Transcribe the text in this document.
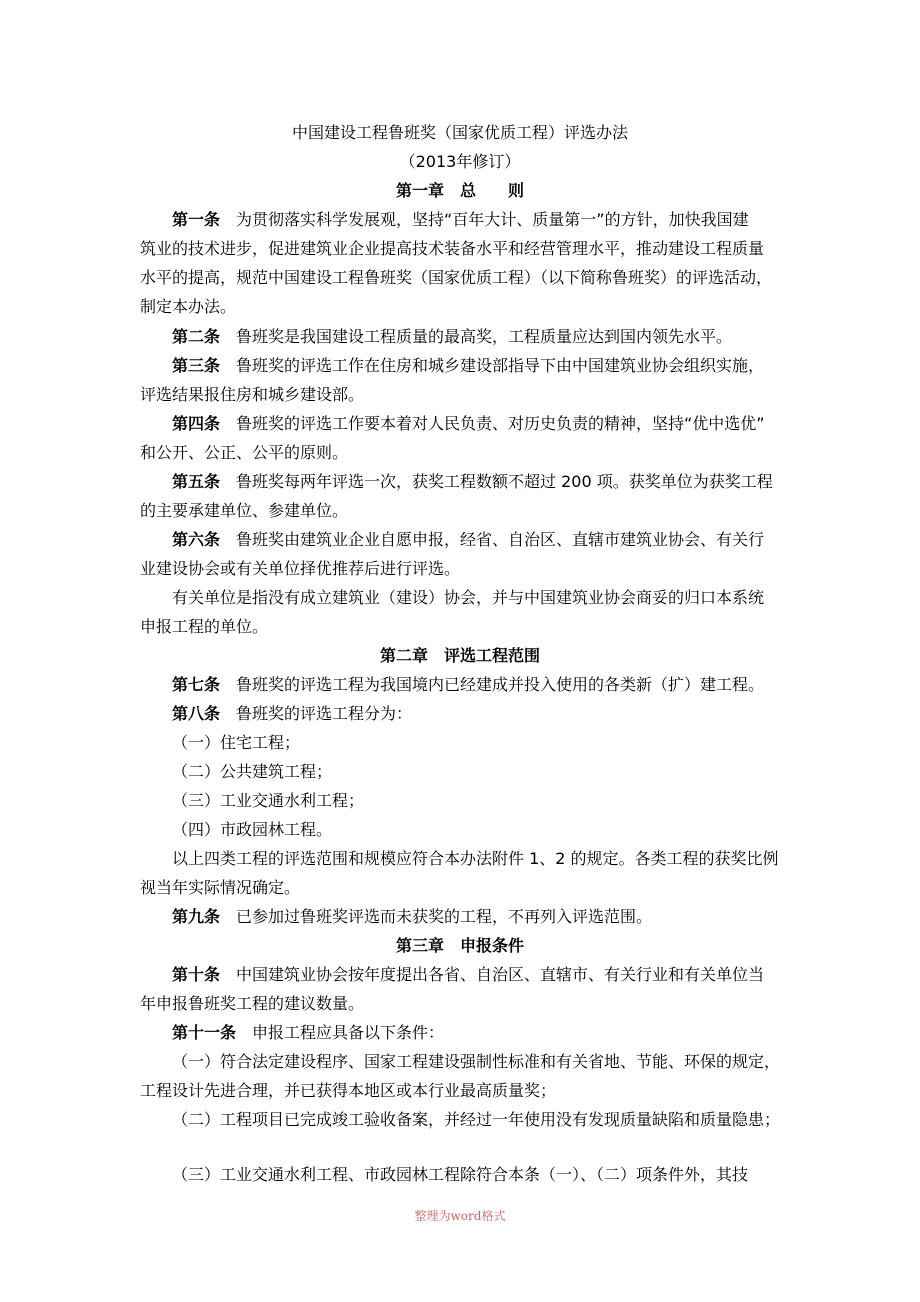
中国建设工程鲁班奖（国家优质工程）评选办法
（2013年修订）
第一章　总　　则
第一条 为贯彻落实科学发展观，坚持“百年大计、质量第一”的方针，加快我国建
筑业的技术进步，促进建筑业企业提高技术装备水平和经营管理水平，推动建设工程质量
水平的提高，规范中国建设工程鲁班奖（国家优质工程）（以下简称鲁班奖）的评选活动，
制定本办法。
第二条 鲁班奖是我国建设工程质量的最高奖，工程质量应达到国内领先水平。
第三条 鲁班奖的评选工作在住房和城乡建设部指导下由中国建筑业协会组织实施，
评选结果报住房和城乡建设部。
第四条 鲁班奖的评选工作要本着对人民负责、对历史负责的精神，坚持“优中选优”
和公开、公正、公平的原则。
第五条 鲁班奖每两年评选一次，获奖工程数额不超过 200 项。获奖单位为获奖工程
的主要承建单位、参建单位。
第六条 鲁班奖由建筑业企业自愿申报，经省、自治区、直辖市建筑业协会、有关行
业建设协会或有关单位择优推荐后进行评选。
有关单位是指没有成立建筑业（建设）协会，并与中国建筑业协会商妥的归口本系统
申报工程的单位。
第二章　评选工程范围
第七条 鲁班奖的评选工程为我国境内已经建成并投入使用的各类新（扩）建工程。
第八条 鲁班奖的评选工程分为：
（一）住宅工程；
（二）公共建筑工程；
（三）工业交通水利工程；
（四）市政园林工程。
以上四类工程的评选范围和规模应符合本办法附件 1、2 的规定。各类工程的获奖比例
视当年实际情况确定。
第九条 已参加过鲁班奖评选而未获奖的工程，不再列入评选范围。
第三章　申报条件
第十条 中国建筑业协会按年度提出各省、自治区、直辖市、有关行业和有关单位当
年申报鲁班奖工程的建议数量。
第十一条 申报工程应具备以下条件：
（一）符合法定建设程序、国家工程建设强制性标准和有关省地、节能、环保的规定，
工程设计先进合理，并已获得本地区或本行业最高质量奖；
（二）工程项目已完成竣工验收备案，并经过一年使用没有发现质量缺陷和质量隐患；
（三）工业交通水利工程、市政园林工程除符合本条（一）、（二）项条件外，其技
整理为word格式
